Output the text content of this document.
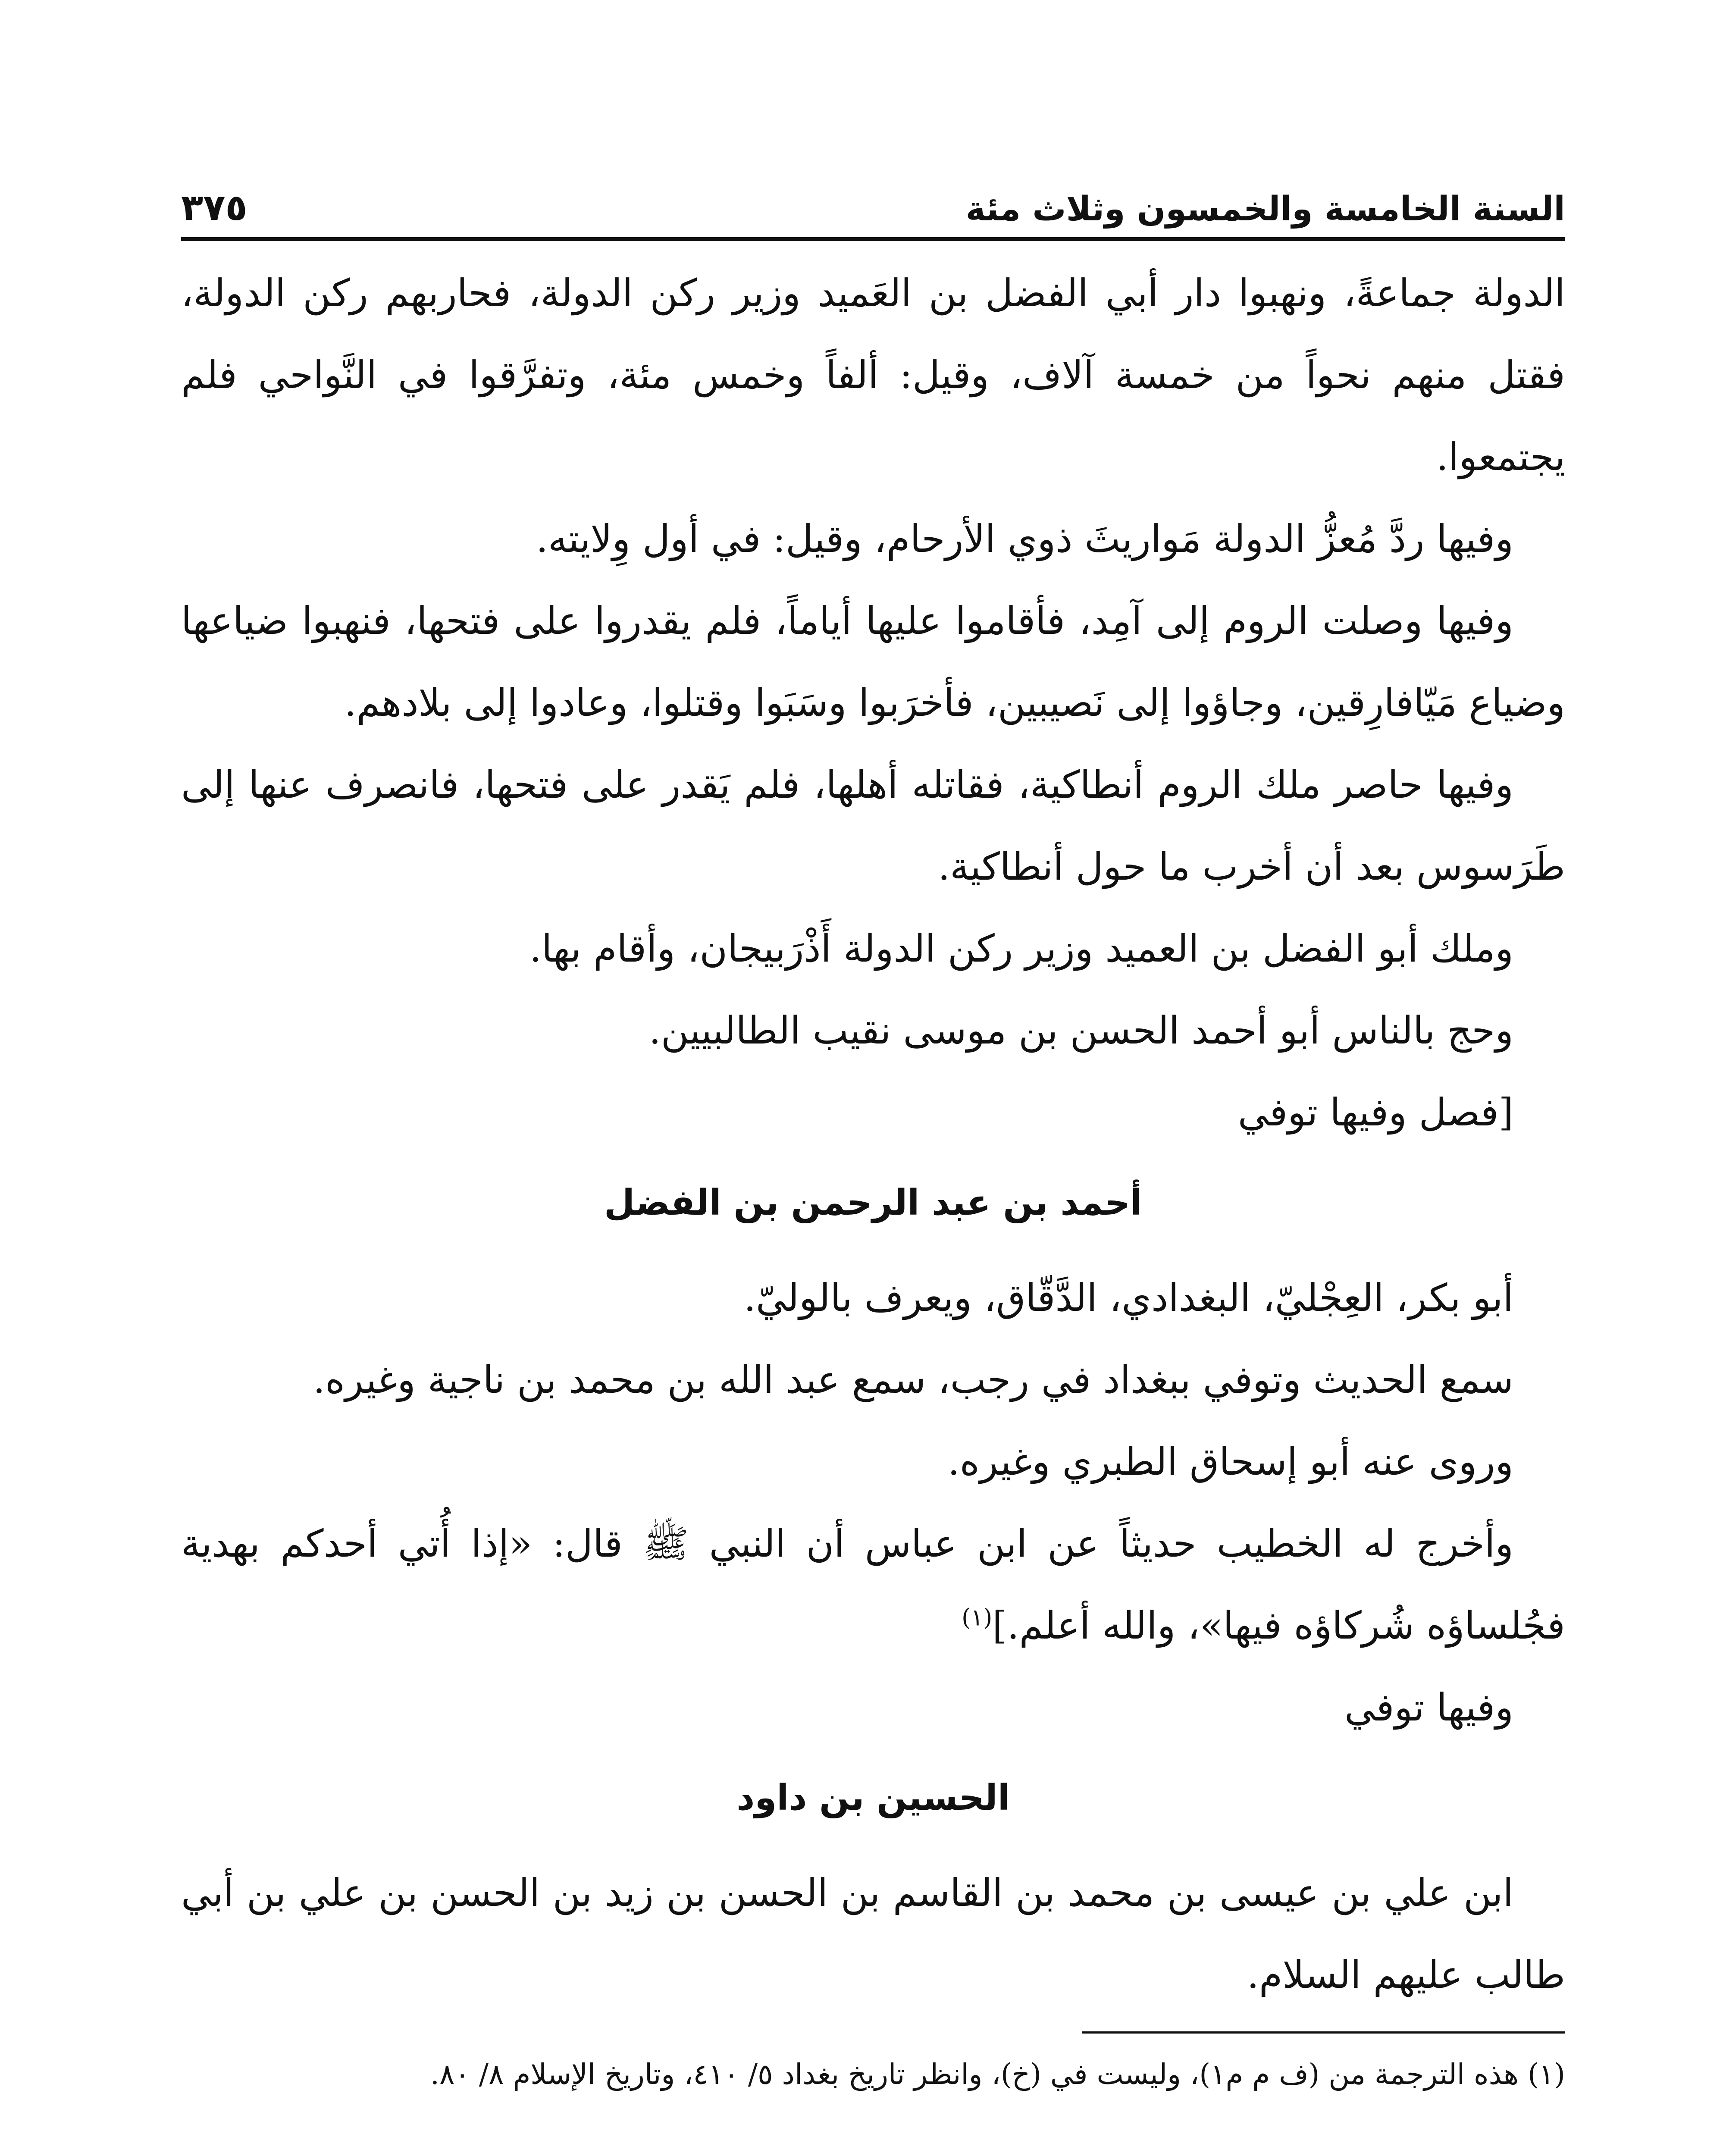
السنة الخامسة والخمسون وثلاث مئة
٣٧٥

الدولة جماعةً، ونهبوا دار أبي الفضل بن العَميد وزير ركن الدولة، فحاربهم ركن الدولة، فقتل منهم نحواً من خمسة آلاف، وقيل: ألفاً وخمس مئة، وتفرَّقوا في النَّواحي فلم يجتمعوا.

وفيها ردَّ مُعزُّ الدولة مَواريثَ ذوي الأرحام، وقيل: في أول وِلايته.

وفيها وصلت الروم إلى آمِد، فأقاموا عليها أياماً، فلم يقدروا على فتحها، فنهبوا ضياعها وضياع مَيّافارِقين، وجاؤوا إلى نَصيبين، فأخرَبوا وسَبَوا وقتلوا، وعادوا إلى بلادهم.

وفيها حاصر ملك الروم أنطاكية، فقاتله أهلها، فلم يَقدر على فتحها، فانصرف عنها إلى طَرَسوس بعد أن أخرب ما حول أنطاكية.

وملك أبو الفضل بن العميد وزير ركن الدولة أَذْرَبيجان، وأقام بها.

وحج بالناس أبو أحمد الحسن بن موسى نقيب الطالبيين.

[فصل وفيها توفي

أحمد بن عبد الرحمن بن الفضل

أبو بكر، العِجْليّ، البغدادي، الدَّقّاق، ويعرف بالوليّ.

سمع الحديث وتوفي ببغداد في رجب، سمع عبد الله بن محمد بن ناجية وغيره.

وروى عنه أبو إسحاق الطبري وغيره.

وأخرج له الخطيب حديثاً عن ابن عباس أن النبي ﷺ قال: «إذا أُتي أحدكم بهدية فجُلساؤه شُركاؤه فيها»، والله أعلم.]$^{(١)}$

وفيها توفي

الحسين بن داود

ابن علي بن عيسى بن محمد بن القاسم بن الحسن بن زيد بن الحسن بن علي بن أبي طالب عليهم السلام.

(١) هذه الترجمة من (ف م م١)، وليست في (خ)، وانظر تاريخ بغداد ٥/ ٤١٠، وتاريخ الإسلام ٨/ ٨٠.
